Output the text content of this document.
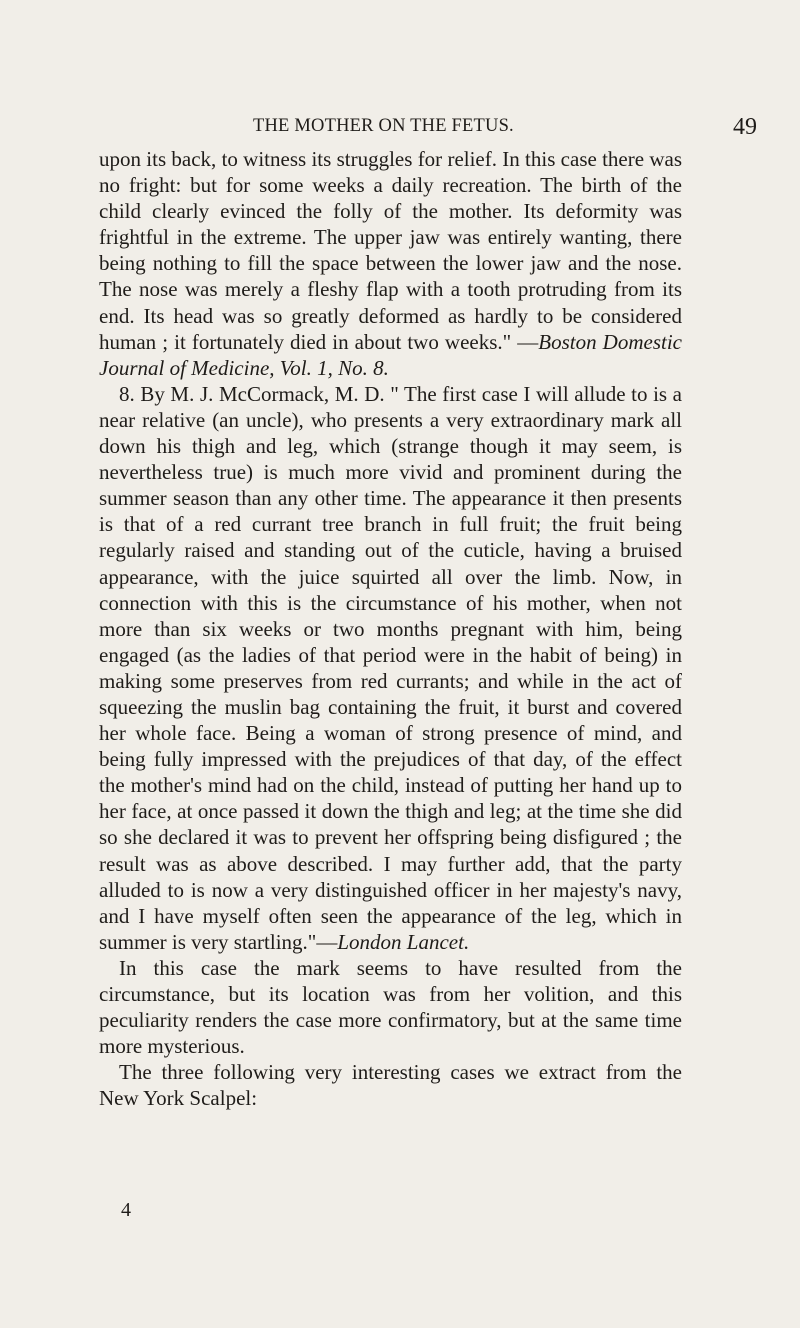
THE MOTHER ON THE FETUS.	49

upon its back, to witness its struggles for relief. In this case there was no fright: but for some weeks a daily recreation. The birth of the child clearly evinced the folly of the mother. Its deformity was frightful in the extreme. The upper jaw was entirely wanting, there being nothing to fill the space between the lower jaw and the nose. The nose was merely a fleshy flap with a tooth protruding from its end. Its head was so greatly deformed as hardly to be considered human ; it fortunately died in about two weeks." —Boston Domestic Journal of Medicine, Vol. 1, No. 8.

8. By M. J. McCormack, M. D. " The first case I will allude to is a near relative (an uncle), who presents a very extraordinary mark all down his thigh and leg, which (strange though it may seem, is nevertheless true) is much more vivid and prominent during the summer season than any other time. The appearance it then presents is that of a red currant tree branch in full fruit; the fruit being regularly raised and standing out of the cuticle, having a bruised appearance, with the juice squirted all over the limb. Now, in connection with this is the circumstance of his mother, when not more than six weeks or two months pregnant with him, being engaged (as the ladies of that period were in the habit of being) in making some preserves from red currants; and while in the act of squeezing the muslin bag containing the fruit, it burst and covered her whole face. Being a woman of strong presence of mind, and being fully impressed with the prejudices of that day, of the effect the mother's mind had on the child, instead of putting her hand up to her face, at once passed it down the thigh and leg; at the time she did so she declared it was to prevent her offspring being disfigured ; the result was as above described. I may further add, that the party alluded to is now a very distinguished officer in her majesty's navy, and I have myself often seen the appearance of the leg, which in summer is very startling."—London Lancet.

In this case the mark seems to have resulted from the circumstance, but its location was from her volition, and this peculiarity renders the case more confirmatory, but at the same time more mysterious.

The three following very interesting cases we extract from the New York Scalpel:

4
